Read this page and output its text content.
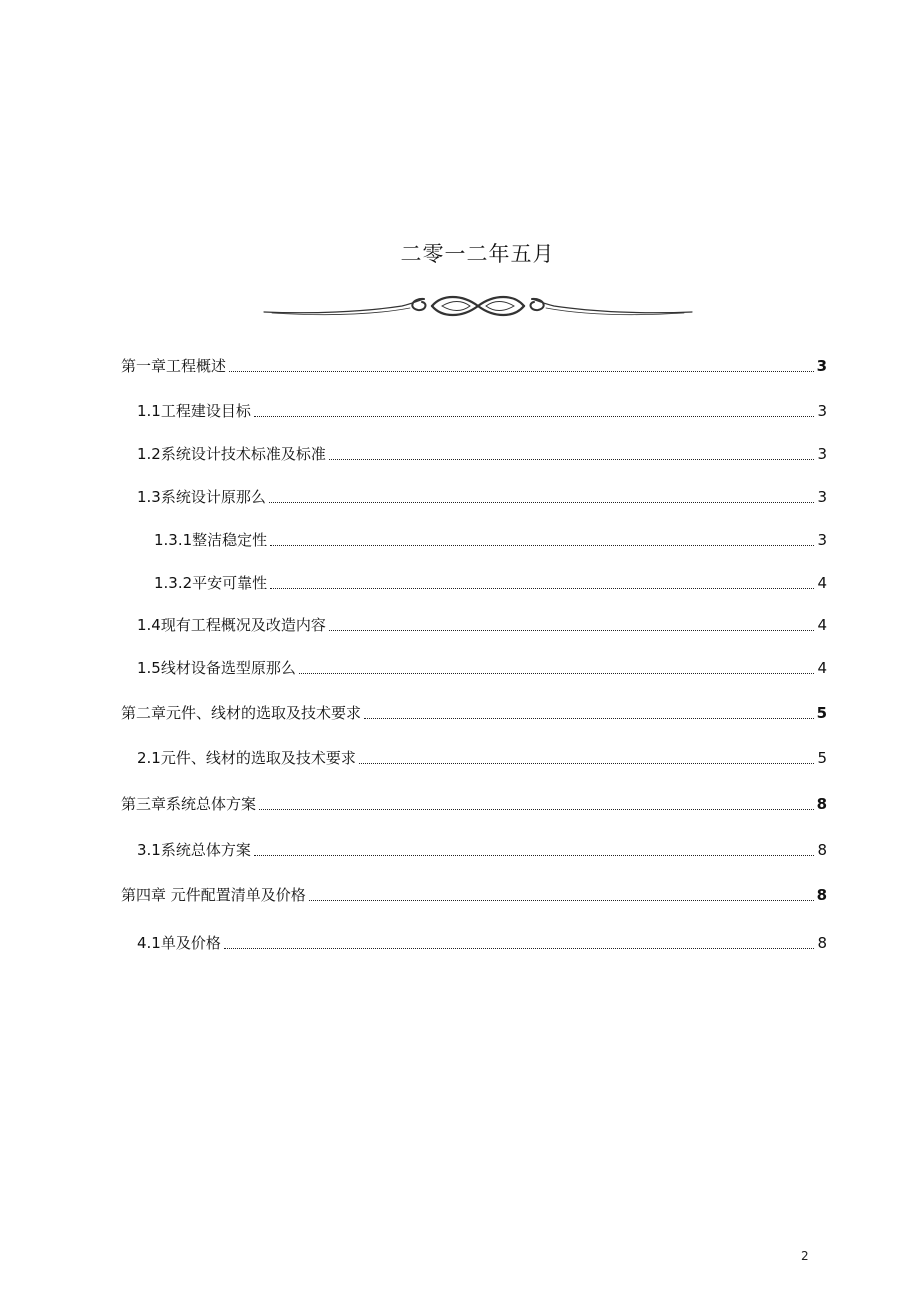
二零一二年五月
第一章工程概述	3
1.1工程建设目标	3
1.2系统设计技术标准及标准	3
1.3系统设计原那么	3
1.3.1整洁稳定性	3
1.3.2平安可靠性	4
1.4现有工程概况及改造内容	4
1.5线材设备选型原那么	4
第二章元件、线材的选取及技术要求	5
2.1元件、线材的选取及技术要求	5
第三章系统总体方案	8
3.1系统总体方案	8
第四章 元件配置清单及价格	8
4.1单及价格	8
2
